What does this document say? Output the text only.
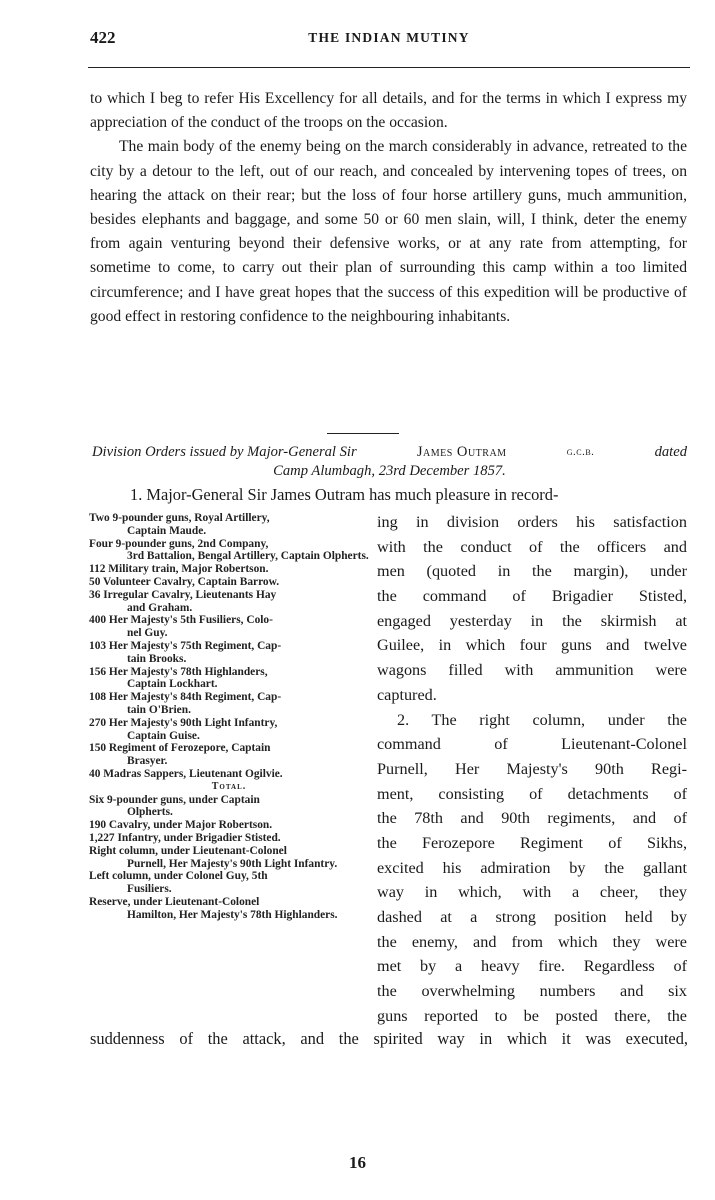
422	THE INDIAN MUTINY

to which I beg to refer His Excellency for all details, and for the terms in which I express my appreciation of the conduct of the troops on the occasion.

The main body of the enemy being on the march considerably in advance, retreated to the city by a detour to the left, out of our reach, and concealed by intervening topes of trees, on hearing the attack on their rear; but the loss of four horse artillery guns, much ammunition, besides elephants and baggage, and some 50 or 60 men slain, will, I think, deter the enemy from again venturing beyond their defensive works, or at any rate from attempting, for sometime to come, to carry out their plan of surrounding this camp within a too limited circumference; and I have great hopes that the success of this expedition will be productive of good effect in restoring confidence to the neighbouring inhabitants.

Division Orders issued by Major-General Sir	James Outram	g.c.b.	dated
Camp Alumbagh, 23rd December 1857.
1. Major-General Sir James Outram has much pleasure in record-
ing in division orders his satisfaction
with the conduct of the officers and
men (quoted in the margin), under
the command of Brigadier Stisted,
engaged yesterday in the skirmish at
Guilee, in which four guns and twelve
wagons filled with ammunition were
captured.
2. The right column, under the
command of Lieutenant-Colonel
Purnell, Her Majesty's 90th Regi-
ment, consisting of detachments of
the 78th and 90th regiments, and of
the Ferozepore Regiment of Sikhs,
excited his admiration by the gallant
way in which, with a cheer, they
dashed at a strong position held by
the enemy, and from which they were
met by a heavy fire. Regardless of
the overwhelming numbers and six
guns reported to be posted there, the
Two 9-pounder guns, Royal Artillery,
Captain Maude.
Four 9-pounder guns, 2nd Company,
3rd Battalion, Bengal Artillery, Captain Olpherts.
112 Military train, Major Robertson.
50 Volunteer Cavalry, Captain Barrow.
36 Irregular Cavalry, Lieutenants Hay
and Graham.
400 Her Majesty's 5th Fusiliers, Colo-
nel Guy.
103 Her Majesty's 75th Regiment, Cap-
tain Brooks.
156 Her Majesty's 78th Highlanders,
Captain Lockhart.
108 Her Majesty's 84th Regiment, Cap-
tain O'Brien.
270 Her Majesty's 90th Light Infantry,
Captain Guise.
150 Regiment of Ferozepore, Captain
Brasyer.
40 Madras Sappers, Lieutenant Ogilvie.
Total.
Six 9-pounder guns, under Captain
Olpherts.
190 Cavalry, under Major Robertson.
1,227 Infantry, under Brigadier Stisted.
Right column, under Lieutenant-Colonel
Purnell, Her Majesty's 90th Light Infantry.
Left column, under Colonel Guy, 5th
Fusiliers.
Reserve, under Lieutenant-Colonel
Hamilton, Her Majesty's 78th Highlanders.
suddenness of the attack, and the spirited way in which it was executed,
16
